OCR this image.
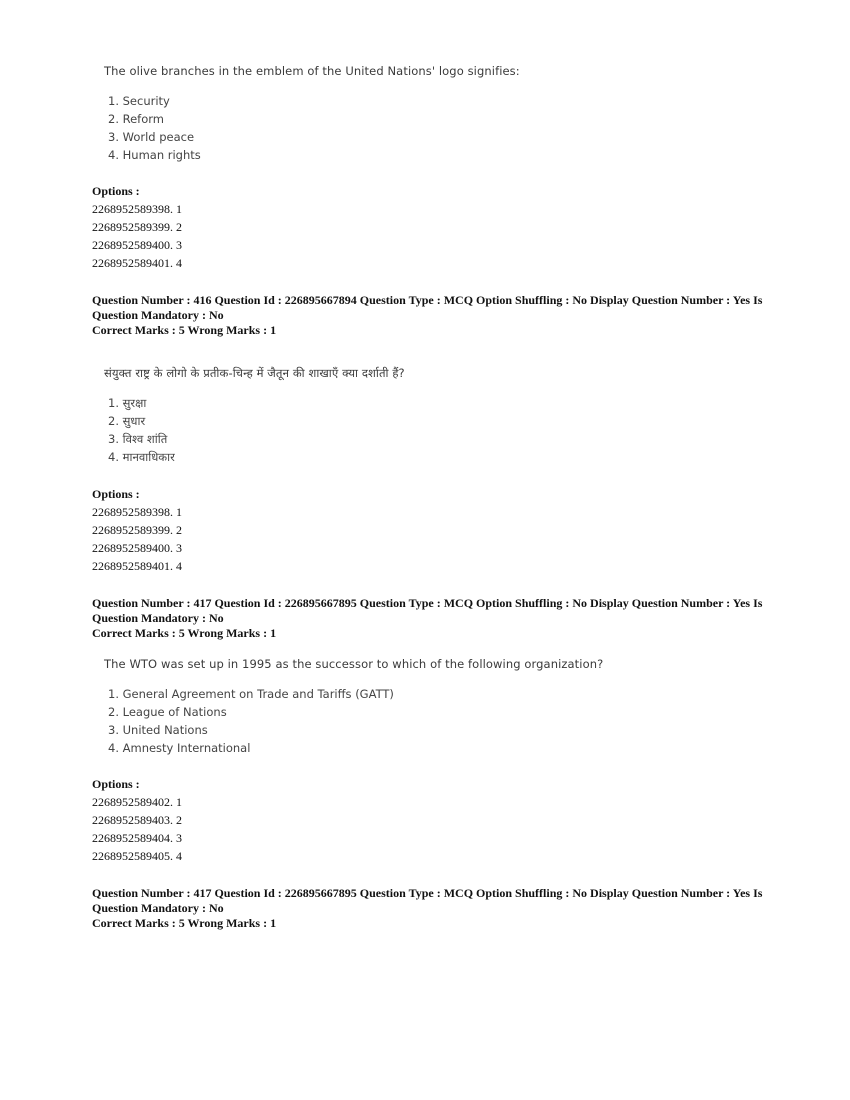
The olive branches in the emblem of the United Nations' logo signifies:
1. Security
2. Reform
3. World peace
4. Human rights
Options :
2268952589398. 1
2268952589399. 2
2268952589400. 3
2268952589401. 4
Question Number : 416 Question Id : 226895667894 Question Type : MCQ Option Shuffling : No Display Question Number : Yes Is Question Mandatory : No
Correct Marks : 5 Wrong Marks : 1
संयुक्त राष्ट्र के लोगो के प्रतीक-चिन्ह में जैतून की शाखाएँ क्या दर्शाती हैं?
1. सुरक्षा
2. सुधार
3. विश्व शांति
4. मानवाधिकार
Options :
2268952589398. 1
2268952589399. 2
2268952589400. 3
2268952589401. 4
Question Number : 417 Question Id : 226895667895 Question Type : MCQ Option Shuffling : No Display Question Number : Yes Is Question Mandatory : No
Correct Marks : 5 Wrong Marks : 1
The WTO was set up in 1995 as the successor to which of the following organization?
1. General Agreement on Trade and Tariffs (GATT)
2. League of Nations
3. United Nations
4. Amnesty International
Options :
2268952589402. 1
2268952589403. 2
2268952589404. 3
2268952589405. 4
Question Number : 417 Question Id : 226895667895 Question Type : MCQ Option Shuffling : No Display Question Number : Yes Is Question Mandatory : No
Correct Marks : 5 Wrong Marks : 1
